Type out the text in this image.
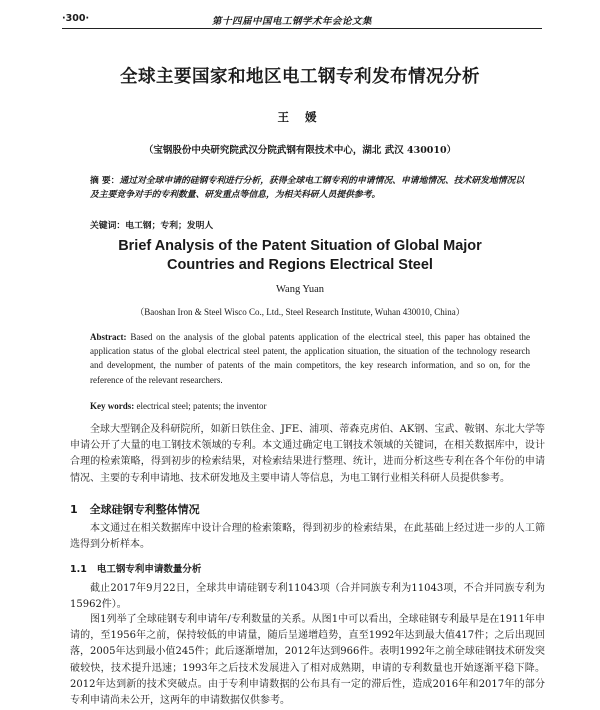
·300·	第十四届中国电工钢学术年会论文集
全球主要国家和地区电工钢专利发布情况分析
王 媛
（宝钢股份中央研究院武汉分院武钢有限技术中心，湖北 武汉 430010）
摘 要：通过对全球申请的硅钢专利进行分析，获得全球电工钢专利的申请情况、申请地情况、技术研发地情况以及主要竞争对手的专利数量、研发重点等信息，为相关科研人员提供参考。
关键词：电工钢；专利；发明人
Brief Analysis of the Patent Situation of Global Major
Countries and Regions Electrical Steel
Wang Yuan
（Baoshan Iron & Steel Wisco Co., Ltd., Steel Research Institute, Wuhan 430010, China）
Abstract: Based on the analysis of the global patents application of the electrical steel, this paper has obtained the application status of the global electrical steel patent, the application situation, the situation of the technology research and development, the number of patents of the main competitors, the key research information, and so on, for the reference of the relevant researchers.
Key words: electrical steel; patents; the inventor
全球大型钢企及科研院所，如新日铁住金、JFE、浦项、蒂森克虏伯、AK钢、宝武、鞍钢、东北大学等申请公开了大量的电工钢技术领域的专利。本文通过确定电工钢技术领域的关键词，在相关数据库中，设计合理的检索策略，得到初步的检索结果，对检索结果进行整理、统计，进而分析这些专利在各个年份的申请情况、主要的专利申请地、技术研发地及主要申请人等信息，为电工钢行业相关科研人员提供参考。
1 全球硅钢专利整体情况
本文通过在相关数据库中设计合理的检索策略，得到初步的检索结果，在此基础上经过进一步的人工筛选得到分析样本。
1.1 电工钢专利申请数量分析
截止2017年9月22日，全球共申请硅钢专利11043项（合并同族专利为11043项，不合并同族专利为15962件）。
图1列举了全球硅钢专利申请年/专利数量的关系。从图1中可以看出，全球硅钢专利最早是在1911年申请的，至1956年之前，保持较低的申请量，随后呈递增趋势，直至1992年达到最大值417件；之后出现回落，2005年达到最小值245件；此后逐渐增加，2012年达到966件。表明1992年之前全球硅钢技术研发突破较快，技术提升迅速；1993年之后技术发展进入了相对成熟期，申请的专利数量也开始逐渐平稳下降。2012年达到新的技术突破点。由于专利申请数据的公布具有一定的滞后性，造成2016年和2017年的部分专利申请尚未公开，这两年的申请数据仅供参考。
